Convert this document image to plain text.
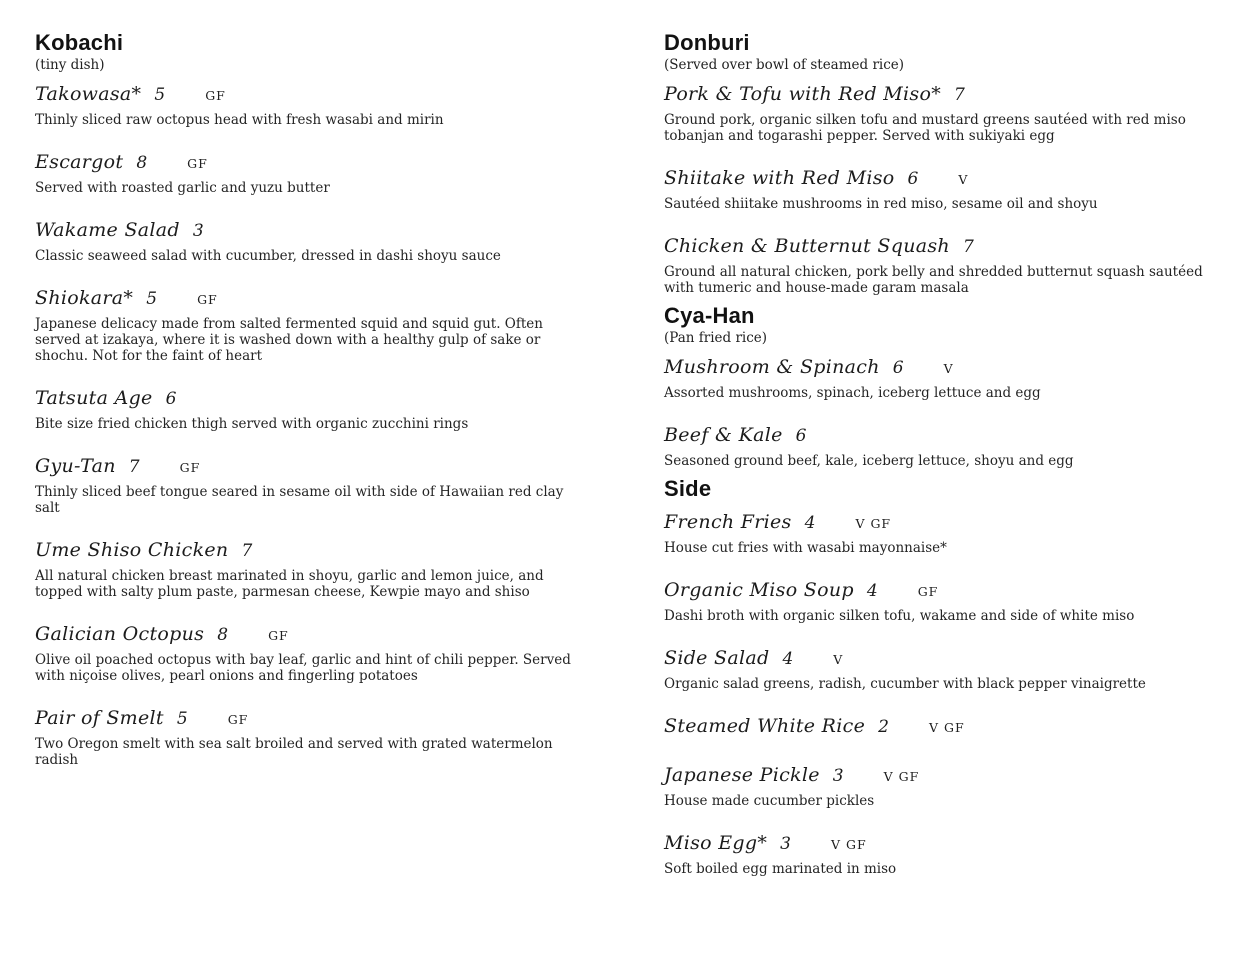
Kobachi
(tiny dish)
Takowasa* 5	GF
Thinly sliced raw octopus head with fresh wasabi and mirin
Escargot 8	GF
Served with roasted garlic and yuzu butter
Wakame Salad 3
Classic seaweed salad with cucumber, dressed in dashi shoyu sauce
Shiokara* 5	GF
Japanese delicacy made from salted fermented squid and squid gut. Often served at izakaya, where it is washed down with a healthy gulp of sake or shochu. Not for the faint of heart
Tatsuta Age 6
Bite size fried chicken thigh served with organic zucchini rings
Gyu-Tan 7	GF
Thinly sliced beef tongue seared in sesame oil with side of Hawaiian red clay salt
Ume Shiso Chicken 7
All natural chicken breast marinated in shoyu, garlic and lemon juice, and topped with salty plum paste, parmesan cheese, Kewpie mayo and shiso
Galician Octopus 8	GF
Olive oil poached octopus with bay leaf, garlic and hint of chili pepper. Served with niçoise olives, pearl onions and fingerling potatoes
Pair of Smelt 5	GF
Two Oregon smelt with sea salt broiled and served with grated watermelon radish
Donburi
(Served over bowl of steamed rice)
Pork & Tofu with Red Miso* 7
Ground pork, organic silken tofu and mustard greens sautéed with red miso tobanjan and togarashi pepper. Served with sukiyaki egg
Shiitake with Red Miso 6	V
Sautéed shiitake mushrooms in red miso, sesame oil and shoyu
Chicken & Butternut Squash 7
Ground all natural chicken, pork belly and shredded butternut squash sautéed with tumeric and house-made garam masala
Cya-Han
(Pan fried rice)
Mushroom & Spinach 6	V
Assorted mushrooms, spinach, iceberg lettuce and egg
Beef & Kale 6
Seasoned ground beef, kale, iceberg lettuce, shoyu and egg
Side
French Fries 4	V GF
House cut fries with wasabi mayonnaise*
Organic Miso Soup 4	GF
Dashi broth with organic silken tofu, wakame and side of white miso
Side Salad 4	V
Organic salad greens, radish, cucumber with black pepper vinaigrette
Steamed White Rice 2	V GF
Japanese Pickle 3	V GF
House made cucumber pickles
Miso Egg* 3	V GF
Soft boiled egg marinated in miso
